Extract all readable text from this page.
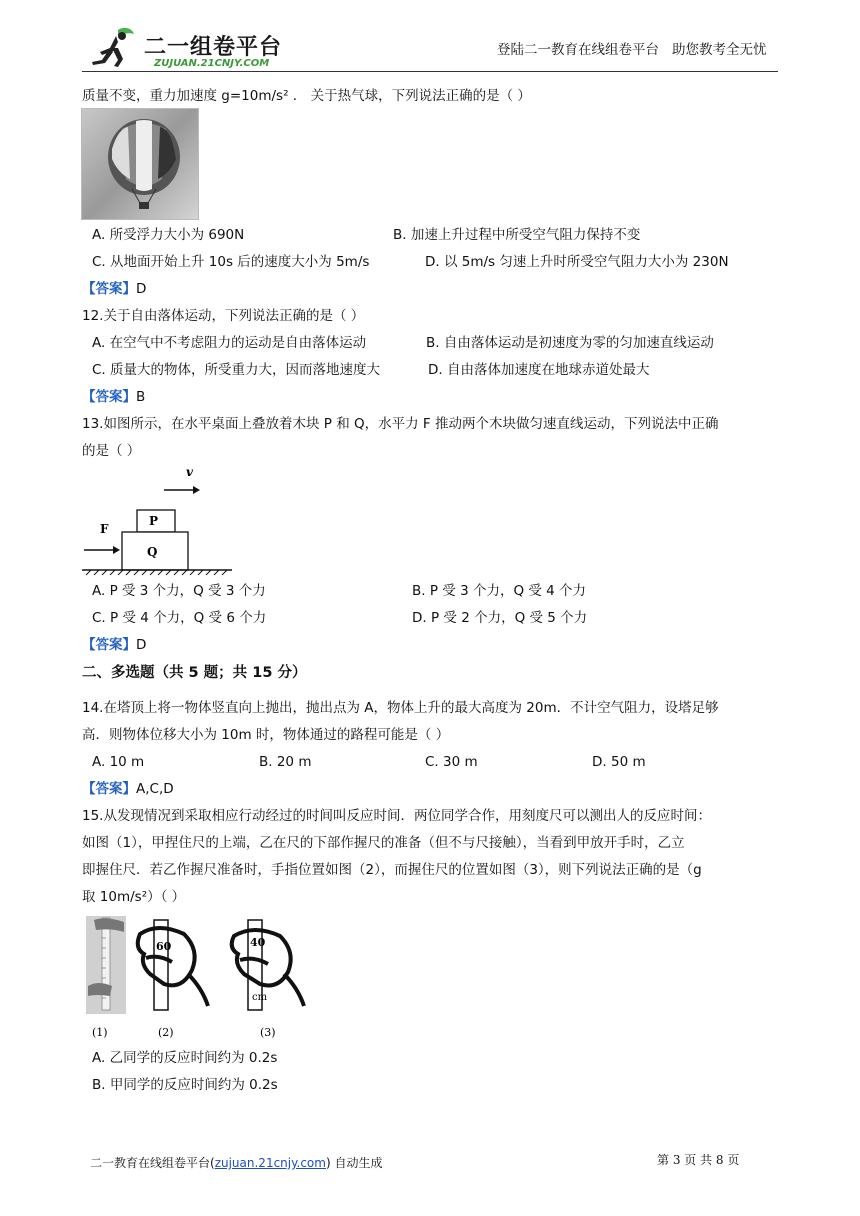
二一组卷平台
ZUJUAN.21CNJY.COM
登陆二一教育在线组卷平台 助您教考全无忧
质量不变，重力加速度 g=10m/s² ． 关于热气球，下列说法正确的是（ ）
A. 所受浮力大小为 690N	B. 加速上升过程中所受空气阻力保持不变
C. 从地面开始上升 10s 后的速度大小为 5m/s	D. 以 5m/s 匀速上升时所受空气阻力大小为 230N
【答案】D
12.关于自由落体运动，下列说法正确的是（ ）
A. 在空气中不考虑阻力的运动是自由落体运动	B. 自由落体运动是初速度为零的匀加速直线运动
C. 质量大的物体，所受重力大，因而落地速度大	D. 自由落体加速度在地球赤道处最大
【答案】B
13.如图所示，在水平桌面上叠放着木块 P 和 Q，水平力 F 推动两个木块做匀速直线运动，下列说法中正确
的是（ ）
v
P
Q
F
A. P 受 3 个力，Q 受 3 个力	B. P 受 3 个力，Q 受 4 个力
C. P 受 4 个力，Q 受 6 个力	D. P 受 2 个力，Q 受 5 个力
【答案】D
二、多选题（共 5 题；共 15 分）
14.在塔顶上将一物体竖直向上抛出，抛出点为 A，物体上升的最大高度为 20m．不计空气阻力，设塔足够
高．则物体位移大小为 10m 时，物体通过的路程可能是（ ）
A. 10 m	B. 20 m	C. 30 m	D. 50 m
【答案】A,C,D
15.从发现情况到采取相应行动经过的时间叫反应时间．两位同学合作，用刻度尺可以测出人的反应时间：
如图（1），甲捏住尺的上端，乙在尺的下部作握尺的准备（但不与尺接触），当看到甲放开手时，乙立
即握住尺．若乙作握尺准备时，手指位置如图（2），而握住尺的位置如图（3），则下列说法正确的是（g
取 10m/s²）（ ）
60	40
cm
(1)	(2)	(3)
A. 乙同学的反应时间约为 0.2s
B. 甲同学的反应时间约为 0.2s
二一教育在线组卷平台(zujuan.21cnjy.com) 自动生成	第 3 页 共 8 页
